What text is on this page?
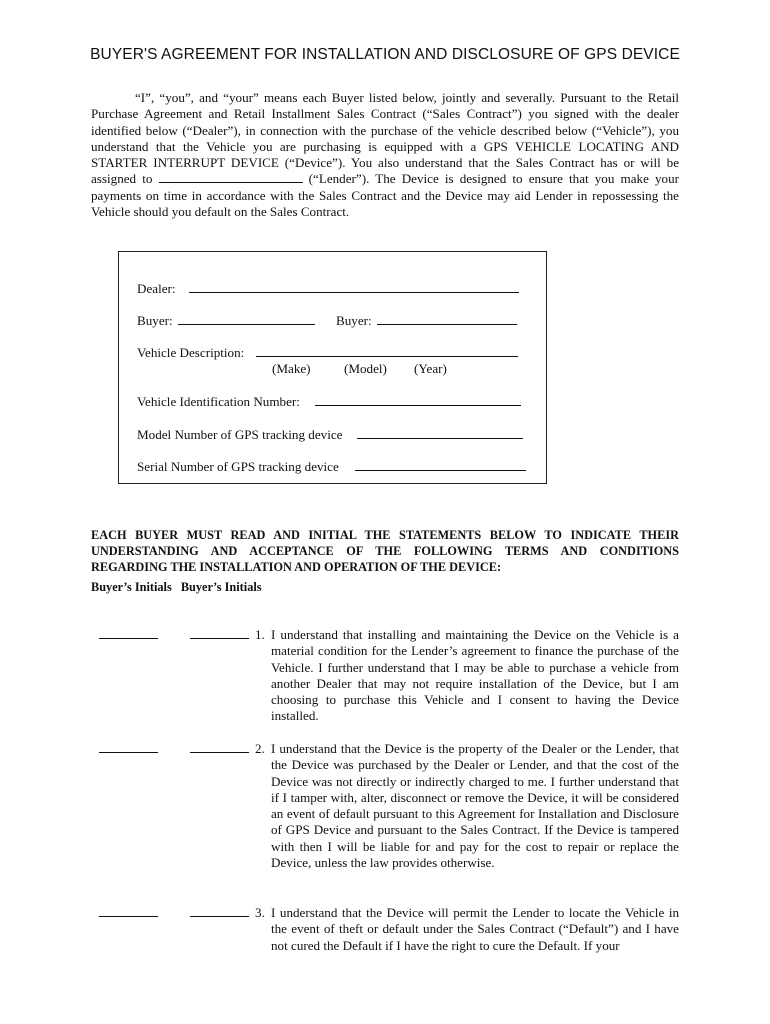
BUYER'S AGREEMENT FOR INSTALLATION AND DISCLOSURE OF GPS DEVICE

“I”, “you”, and “your” means each Buyer listed below, jointly and severally. Pursuant to the Retail Purchase Agreement and Retail Installment Sales Contract (“Sales Contract”) you signed with the dealer identified below (“Dealer”), in connection with the purchase of the vehicle described below (“Vehicle”), you understand that the Vehicle you are purchasing is equipped with a GPS VEHICLE LOCATING AND STARTER INTERRUPT DEVICE (“Device”). You also understand that the Sales Contract has or will be assigned to	(“Lender”). The Device is designed to ensure that you make your payments on time in accordance with the Sales Contract and the Device may aid Lender in repossessing the Vehicle should you default on the Sales Contract.

Dealer:
Buyer:	Buyer:
Vehicle Description:
(Make)	(Model) (Year)
Vehicle Identification Number:
Model Number of GPS tracking device
Serial Number of GPS tracking device
EACH BUYER MUST READ AND INITIAL THE STATEMENTS BELOW TO INDICATE THEIR
UNDERSTANDING AND ACCEPTANCE OF THE FOLLOWING TERMS AND CONDITIONS
REGARDING THE INSTALLATION AND OPERATION OF THE DEVICE:
Buyer’s Initials Buyer’s Initials
1. I understand that installing and maintaining the Device on the Vehicle is a material condition for the Lender’s agreement to finance the purchase of the Vehicle. I further understand that I may be able to purchase a vehicle from another Dealer that may not require installation of the Device, but I am choosing to purchase this Vehicle and I consent to having the Device installed.
2. I understand that the Device is the property of the Dealer or the Lender, that the Device was purchased by the Dealer or Lender, and that the cost of the Device was not directly or indirectly charged to me. I further understand that if I tamper with, alter, disconnect or remove the Device, it will be considered an event of default pursuant to this Agreement for Installation and Disclosure of GPS Device and pursuant to the Sales Contract. If the Device is tampered with then I will be liable for and pay for the cost to repair or replace the Device, unless the law provides otherwise.
3. I understand that the Device will permit the Lender to locate the Vehicle in the event of theft or default under the Sales Contract (“Default”) and I have not cured the Default if I have the right to cure the Default. If your
